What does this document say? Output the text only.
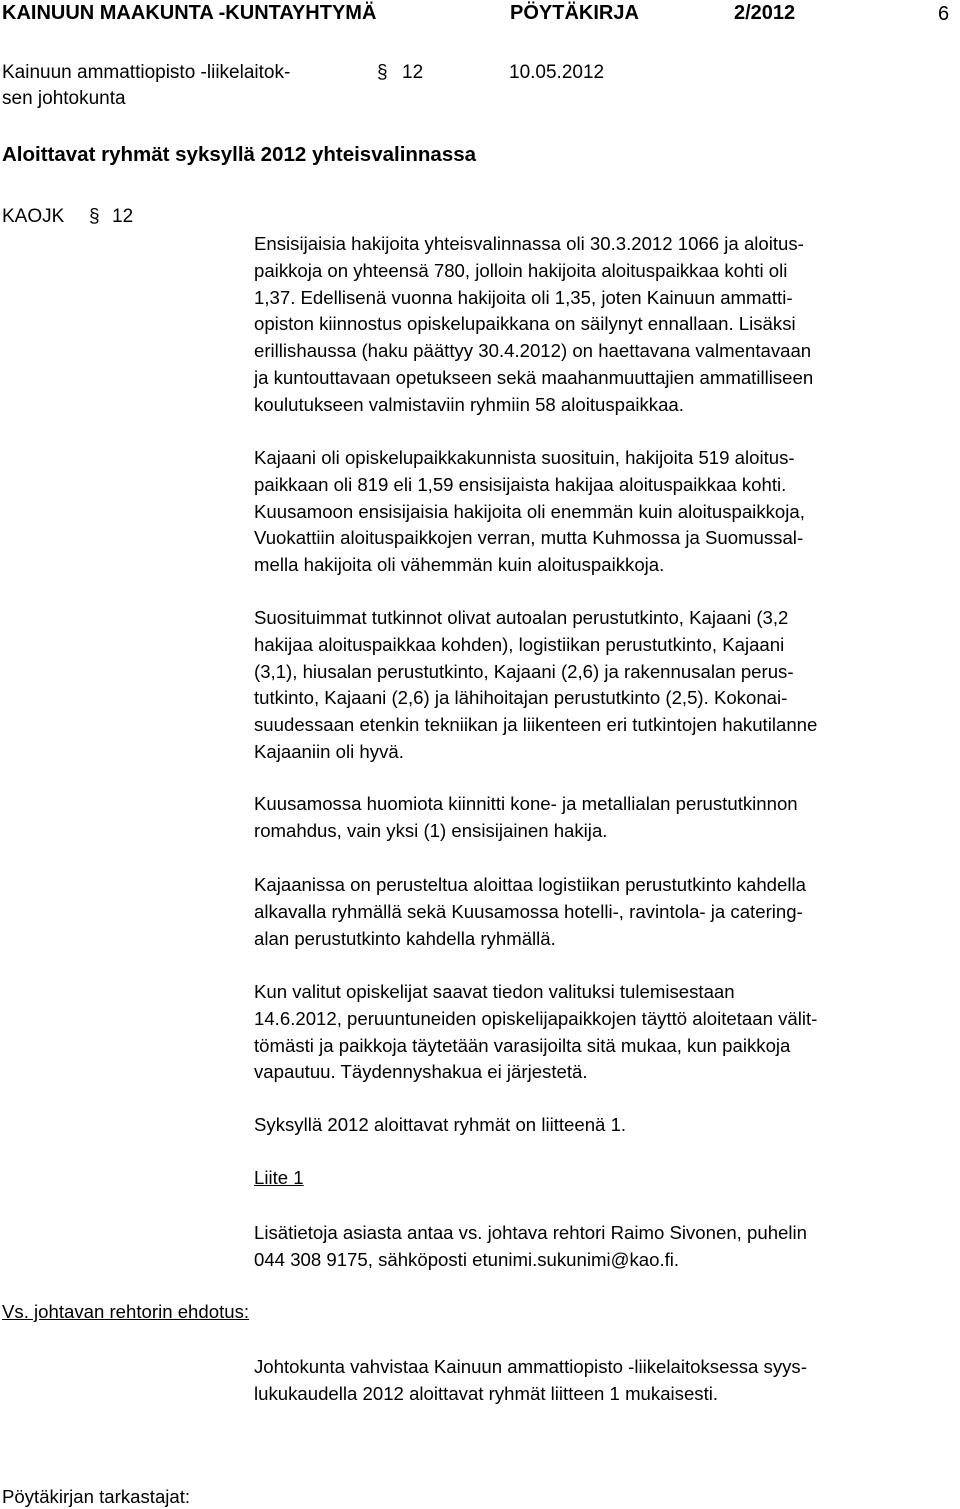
KAINUUN MAAKUNTA -KUNTAYHTYMÄ	PÖYTÄKIRJA	2/2012	6
Kainuun ammattiopisto -liikelaitok-
sen johtokunta
§ 12	10.05.2012
Aloittavat ryhmät syksyllä 2012 yhteisvalinnassa
KAOJK § 12
Ensisijaisia hakijoita yhteisvalinnassa oli 30.3.2012 1066 ja aloitus-
paikkoja on yhteensä 780, jolloin hakijoita aloituspaikkaa kohti oli
1,37. Edellisenä vuonna hakijoita oli 1,35, joten Kainuun ammatti-
opiston kiinnostus opiskelupaikkana on säilynyt ennallaan. Lisäksi
erillishaussa (haku päättyy 30.4.2012) on haettavana valmentavaan
ja kuntouttavaan opetukseen sekä maahanmuuttajien ammatilliseen
koulutukseen valmistaviin ryhmiin 58 aloituspaikkaa.
Kajaani oli opiskelupaikkakunnista suosituin, hakijoita 519 aloitus-
paikkaan oli 819 eli 1,59 ensisijaista hakijaa aloituspaikkaa kohti.
Kuusamoon ensisijaisia hakijoita oli enemmän kuin aloituspaikkoja,
Vuokattiin aloituspaikkojen verran, mutta Kuhmossa ja Suomussal-
mella hakijoita oli vähemmän kuin aloituspaikkoja.
Suosituimmat tutkinnot olivat autoalan perustutkinto, Kajaani (3,2
hakijaa aloituspaikkaa kohden), logistiikan perustutkinto, Kajaani
(3,1), hiusalan perustutkinto, Kajaani (2,6) ja rakennusalan perus-
tutkinto, Kajaani (2,6) ja lähihoitajan perustutkinto (2,5). Kokonai-
suudessaan etenkin tekniikan ja liikenteen eri tutkintojen hakutilanne
Kajaaniin oli hyvä.
Kuusamossa huomiota kiinnitti kone- ja metallialan perustutkinnon
romahdus, vain yksi (1) ensisijainen hakija.
Kajaanissa on perusteltua aloittaa logistiikan perustutkinto kahdella
alkavalla ryhmällä sekä Kuusamossa hotelli-, ravintola- ja catering-
alan perustutkinto kahdella ryhmällä.
Kun valitut opiskelijat saavat tiedon valituksi tulemisestaan
14.6.2012, peruuntuneiden opiskelijapaikkojen täyttö aloitetaan välit-
tömästi ja paikkoja täytetään varasijoilta sitä mukaa, kun paikkoja
vapautuu. Täydennyshakua ei järjestetä.
Syksyllä 2012 aloittavat ryhmät on liitteenä 1.
Liite 1
Lisätietoja asiasta antaa vs. johtava rehtori Raimo Sivonen, puhelin
044 308 9175, sähköposti etunimi.sukunimi@kao.fi.
Vs. johtavan rehtorin ehdotus:
Johtokunta vahvistaa Kainuun ammattiopisto -liikelaitoksessa syys-
lukukaudella 2012 aloittavat ryhmät liitteen 1 mukaisesti.
Pöytäkirjan tarkastajat:
